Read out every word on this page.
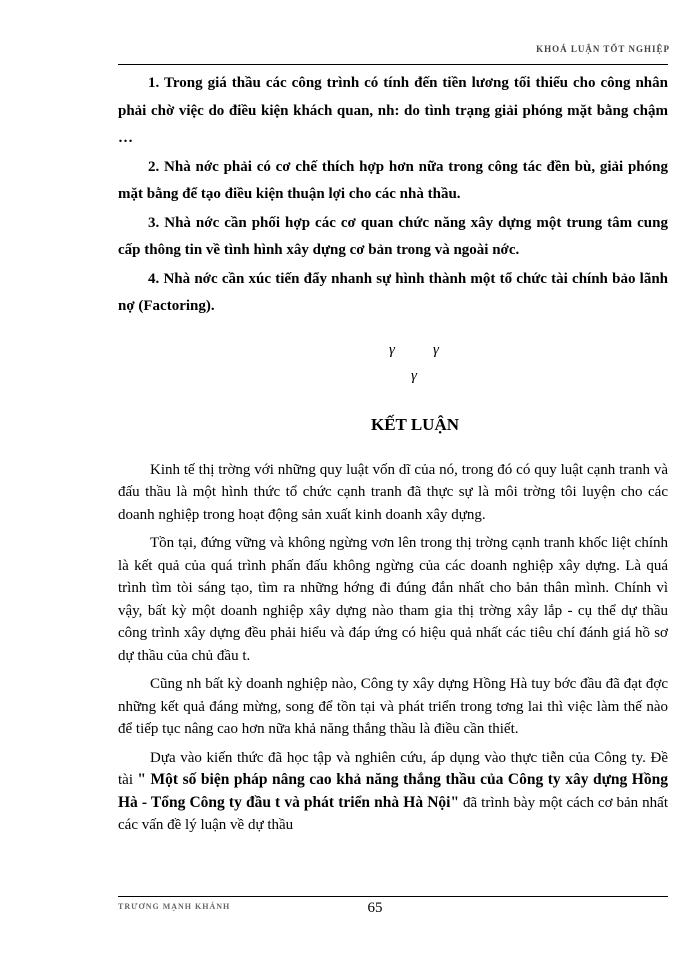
KHOÁ LUẬN TỐT NGHIỆP

1. Trong giá thầu các công trình có tính đến tiền lương tối thiểu cho công nhân phải chờ việc do điều kiện khách quan, nh: do tình trạng giải phóng mặt bằng chậm …

2. Nhà nớc phải có cơ chế thích hợp hơn nữa trong công tác đền bù, giải phóng mặt bằng để tạo điều kiện thuận lợi cho các nhà thầu.

3. Nhà nớc cần phối hợp các cơ quan chức năng xây dựng một trung tâm cung cấp thông tin về tình hình xây dựng cơ bản trong và ngoài nớc.

4. Nhà nớc cần xúc tiến đẩy nhanh sự hình thành một tổ chức tài chính bảo lãnh nợ (Factoring).

γ	γ
γ
KẾT LUẬN

Kinh tế thị trờng với những quy luật vốn dĩ của nó, trong đó có quy luật cạnh tranh và đấu thầu là một hình thức tổ chức cạnh tranh đã thực sự là môi trờng tôi luyện cho các doanh nghiệp trong hoạt động sản xuất kinh doanh xây dựng.

Tồn tại, đứng vững và không ngừng vơn lên trong thị trờng cạnh tranh khốc liệt chính là kết quả của quá trình phấn đấu không ngừng của các doanh nghiệp xây dựng. Là quá trình tìm tòi sáng tạo, tìm ra những hớng đi đúng đắn nhất cho bản thân mình. Chính vì vậy, bất kỳ một doanh nghiệp xây dựng nào tham gia thị trờng xây lắp - cụ thể dự thầu công trình xây dựng đều phải hiểu và đáp ứng có hiệu quả nhất các tiêu chí đánh giá hồ sơ dự thầu của chủ đầu t.

Cũng nh bất kỳ doanh nghiệp nào, Công ty xây dựng Hồng Hà tuy bớc đầu đã đạt đợc những kết quả đáng mừng, song để tồn tại và phát triển trong tơng lai thì việc làm thế nào để tiếp tục nâng cao hơn nữa khả năng thắng thầu là điều cần thiết.

Dựa vào kiến thức đã học tập và nghiên cứu, áp dụng vào thực tiễn của Công ty. Đề tài " Một số biện pháp nâng cao khả năng thắng thầu của Công ty xây dựng Hồng Hà - Tổng Công ty đầu t và phát triển nhà Hà Nội" đã trình bày một cách cơ bản nhất các vấn đề lý luận về dự thầu

TRƯƠNG MẠNH KHÁNH	65
